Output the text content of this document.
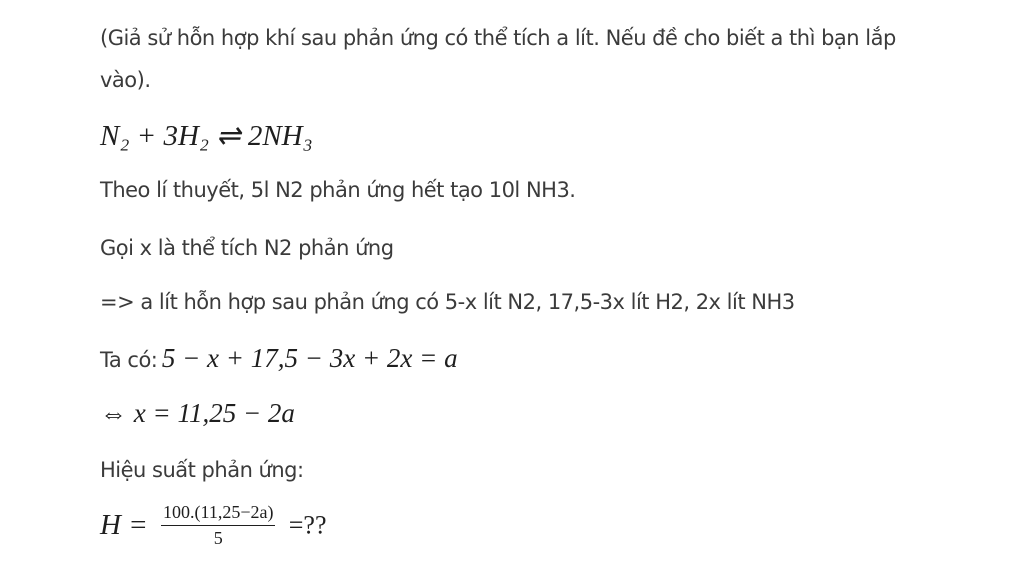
(Giả sử hỗn hợp khí sau phản ứng có thể tích a lít. Nếu đề cho biết a thì bạn lắp
vào).
N₂ + 3H₂ ⇌ 2NH₃
Theo lí thuyết, 5l N2 phản ứng hết tạo 10l NH3.
Gọi x là thể tích N2 phản ứng
=> a lít hỗn hợp sau phản ứng có 5-x lít N2, 17,5-3x lít H2, 2x lít NH3
Ta có: 5 − x + 17,5 − 3x + 2x = a
⇔ x = 11,25 − 2a
Hiệu suất phản ứng:
$H = \frac{100.(11,25-2a)}{5}$ =??
